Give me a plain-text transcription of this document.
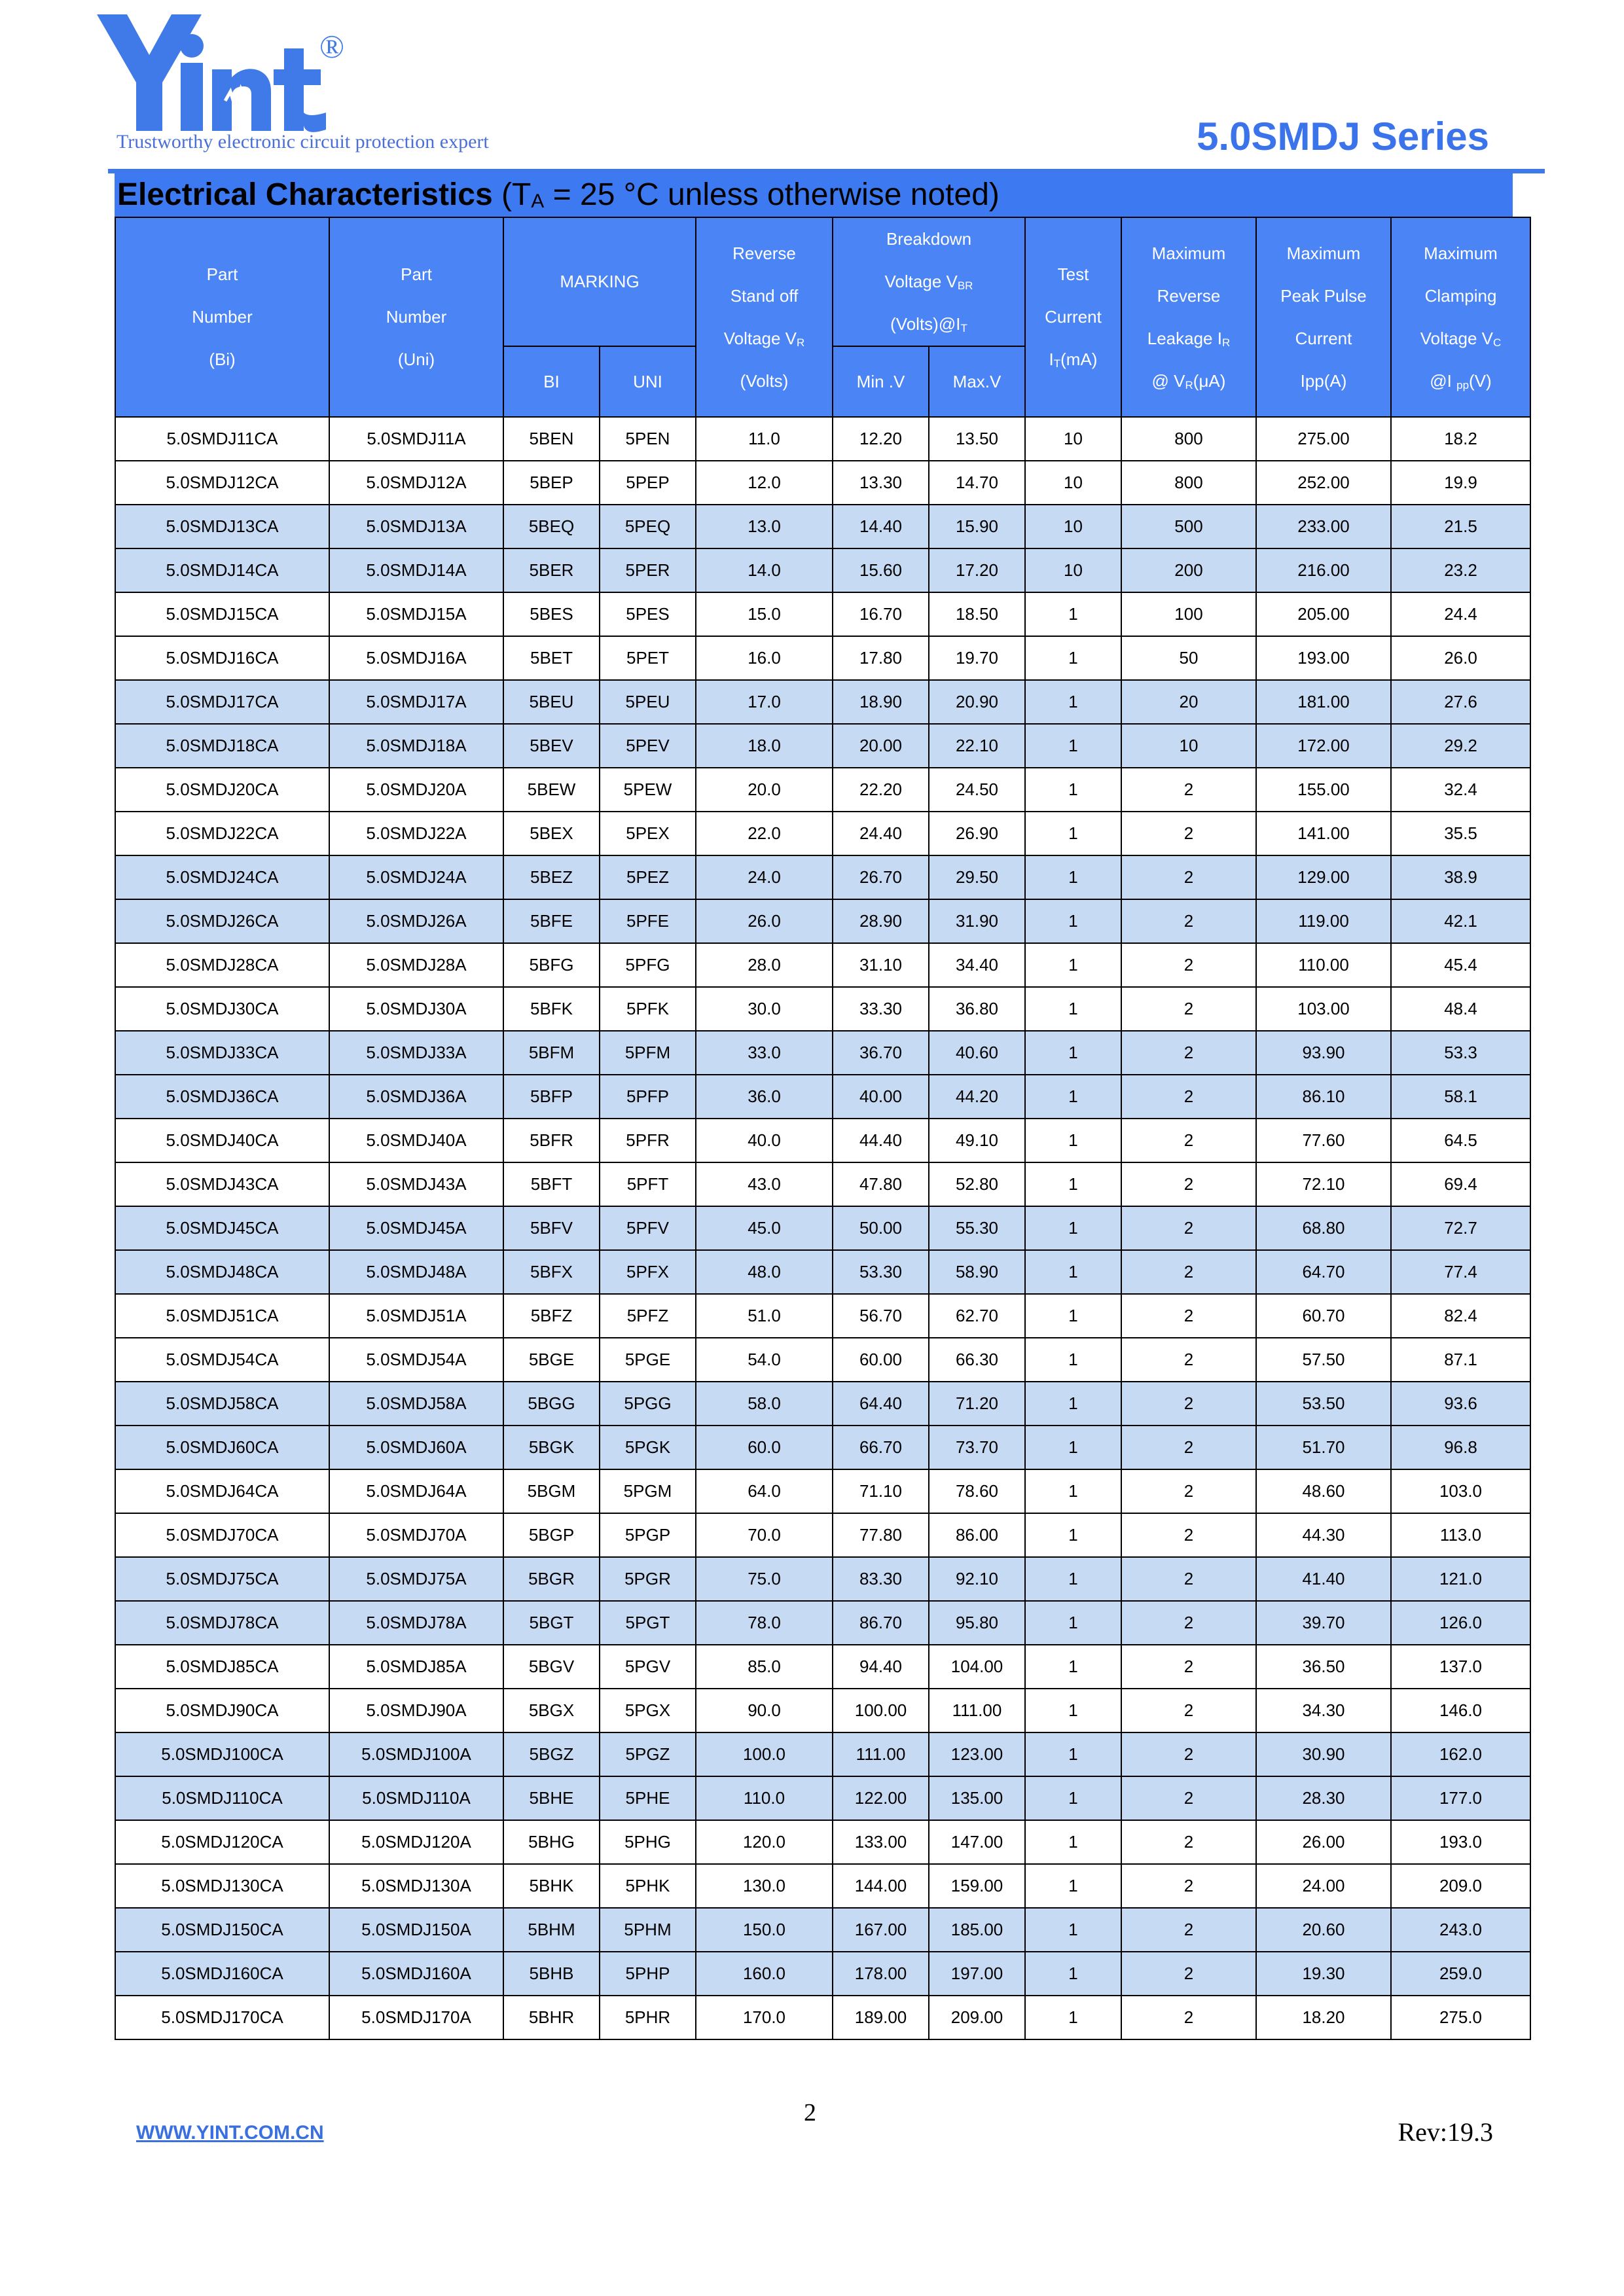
®
Trustworthy electronic circuit protection expert	5.0SMDJ Series
Electrical Characteristics ($T_A = 25$ °C unless otherwise noted)
Part
Number
(Bi)	Part
Number
(Uni)	MARKING		Reverse
Stand off
Voltage $V_R$
(Volts)	Breakdown
Voltage $V_{BR}$
$(Volts)@I_T$		Test
Current
$I_T(mA)$	Maximum
Reverse
Leakage $I_R$
@ $V_R(\mu A)$	Maximum
Peak Pulse
Current
Ipp(A)	Maximum
Clamping
Voltage $V_C$
@I $_{pp}$(V)

		BI	UNI		Min .V	Max.V				
5.0SMDJ11CA	5.0SMDJ11A	5BEN	5PEN	11.0	12.20	13.50	10	800	275.00	18.2
5.0SMDJ12CA	5.0SMDJ12A	5BEP	5PEP	12.0	13.30	14.70	10	800	252.00	19.9
5.0SMDJ13CA	5.0SMDJ13A	5BEQ	5PEQ	13.0	14.40	15.90	10	500	233.00	21.5
5.0SMDJ14CA	5.0SMDJ14A	5BER	5PER	14.0	15.60	17.20	10	200	216.00	23.2
5.0SMDJ15CA	5.0SMDJ15A	5BES	5PES	15.0	16.70	18.50	1	100	205.00	24.4
5.0SMDJ16CA	5.0SMDJ16A	5BET	5PET	16.0	17.80	19.70	1	50	193.00	26.0
5.0SMDJ17CA	5.0SMDJ17A	5BEU	5PEU	17.0	18.90	20.90	1	20	181.00	27.6
5.0SMDJ18CA	5.0SMDJ18A	5BEV	5PEV	18.0	20.00	22.10	1	10	172.00	29.2
5.0SMDJ20CA	5.0SMDJ20A	5BEW	5PEW	20.0	22.20	24.50	1	2	155.00	32.4
5.0SMDJ22CA	5.0SMDJ22A	5BEX	5PEX	22.0	24.40	26.90	1	2	141.00	35.5
5.0SMDJ24CA	5.0SMDJ24A	5BEZ	5PEZ	24.0	26.70	29.50	1	2	129.00	38.9
5.0SMDJ26CA	5.0SMDJ26A	5BFE	5PFE	26.0	28.90	31.90	1	2	119.00	42.1
5.0SMDJ28CA	5.0SMDJ28A	5BFG	5PFG	28.0	31.10	34.40	1	2	110.00	45.4
5.0SMDJ30CA	5.0SMDJ30A	5BFK	5PFK	30.0	33.30	36.80	1	2	103.00	48.4
5.0SMDJ33CA	5.0SMDJ33A	5BFM	5PFM	33.0	36.70	40.60	1	2	93.90	53.3
5.0SMDJ36CA	5.0SMDJ36A	5BFP	5PFP	36.0	40.00	44.20	1	2	86.10	58.1
5.0SMDJ40CA	5.0SMDJ40A	5BFR	5PFR	40.0	44.40	49.10	1	2	77.60	64.5
5.0SMDJ43CA	5.0SMDJ43A	5BFT	5PFT	43.0	47.80	52.80	1	2	72.10	69.4
5.0SMDJ45CA	5.0SMDJ45A	5BFV	5PFV	45.0	50.00	55.30	1	2	68.80	72.7
5.0SMDJ48CA	5.0SMDJ48A	5BFX	5PFX	48.0	53.30	58.90	1	2	64.70	77.4
5.0SMDJ51CA	5.0SMDJ51A	5BFZ	5PFZ	51.0	56.70	62.70	1	2	60.70	82.4
5.0SMDJ54CA	5.0SMDJ54A	5BGE	5PGE	54.0	60.00	66.30	1	2	57.50	87.1
5.0SMDJ58CA	5.0SMDJ58A	5BGG	5PGG	58.0	64.40	71.20	1	2	53.50	93.6
5.0SMDJ60CA	5.0SMDJ60A	5BGK	5PGK	60.0	66.70	73.70	1	2	51.70	96.8
5.0SMDJ64CA	5.0SMDJ64A	5BGM	5PGM	64.0	71.10	78.60	1	2	48.60	103.0
5.0SMDJ70CA	5.0SMDJ70A	5BGP	5PGP	70.0	77.80	86.00	1	2	44.30	113.0
5.0SMDJ75CA	5.0SMDJ75A	5BGR	5PGR	75.0	83.30	92.10	1	2	41.40	121.0
5.0SMDJ78CA	5.0SMDJ78A	5BGT	5PGT	78.0	86.70	95.80	1	2	39.70	126.0
5.0SMDJ85CA	5.0SMDJ85A	5BGV	5PGV	85.0	94.40	104.00	1	2	36.50	137.0
5.0SMDJ90CA	5.0SMDJ90A	5BGX	5PGX	90.0	100.00	111.00	1	2	34.30	146.0
5.0SMDJ100CA	5.0SMDJ100A	5BGZ	5PGZ	100.0	111.00	123.00	1	2	30.90	162.0
5.0SMDJ110CA	5.0SMDJ110A	5BHE	5PHE	110.0	122.00	135.00	1	2	28.30	177.0
5.0SMDJ120CA	5.0SMDJ120A	5BHG	5PHG	120.0	133.00	147.00	1	2	26.00	193.0
5.0SMDJ130CA	5.0SMDJ130A	5BHK	5PHK	130.0	144.00	159.00	1	2	24.00	209.0
5.0SMDJ150CA	5.0SMDJ150A	5BHM	5PHM	150.0	167.00	185.00	1	2	20.60	243.0
5.0SMDJ160CA	5.0SMDJ160A	5BHB	5PHP	160.0	178.00	197.00	1	2	19.30	259.0
5.0SMDJ170CA	5.0SMDJ170A	5BHR	5PHR	170.0	189.00	209.00	1	2	18.20	275.0
WWW.YINT.COM.CN
2
Rev:19.3
